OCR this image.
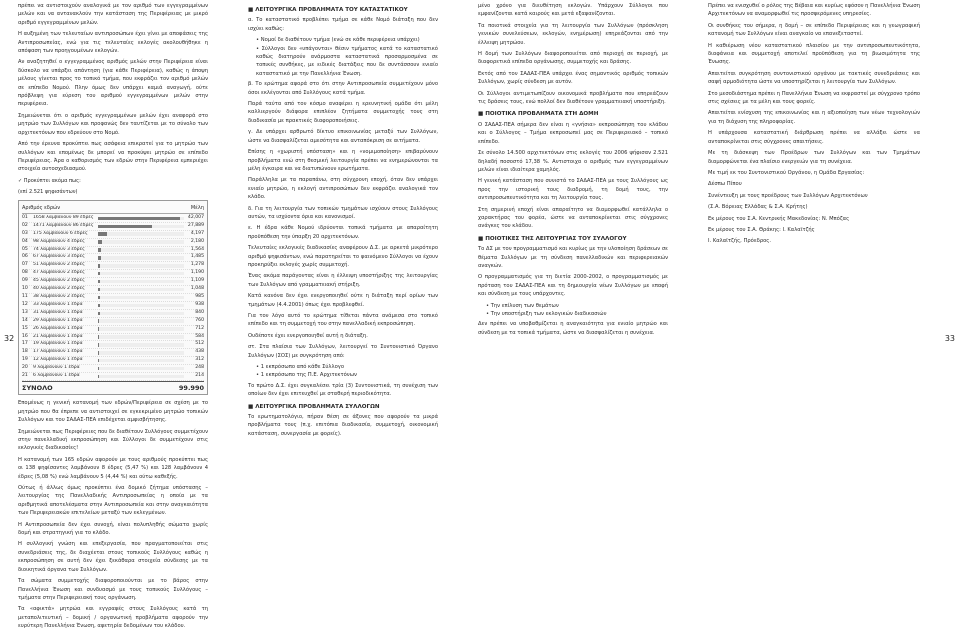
32	33

πρέπει να αντιστοιχούν αναλογικά με τον αριθμό των εγγεγραμμένων μελών και να αντανακλούν την κατάσταση της Περιφέρειας με μικρό αριθμό εγγεγραμμένων μελών.

Η αυξημένη των τελευταίων αντιπροσώπων έχει γίνει με αποφάσεις της Αντιπροσωπείας, ενώ για τις τελευταίες εκλογές ακολουθήθηκε η απόφαση των προηγουμένων εκλογών.

Αν αναζητηθεί ο εγγεγραμμένος αριθμός μελών στην Περιφέρεια είναι δύσκολο να υπάρξει απάντηση (για κάθε Περιφέρεια), καθώς η άποψη μέλους γίνεται προς το τοπικό τμήμα, που εκφράζει τον αριθμό μελών σε επίπεδο Νομού. Πλην όμως δεν υπάρχει καμιά αναγωγή, ούτε πρόβλεψη για εύρεση του αριθμού εγγεγραμμένων μελών στην περιφέρεια.

Σημειώνεται ότι ο αριθμός εγγεγραμμένων μελών έχει αναφορά στο μητρώο των Συλλόγων και προφανώς δεν ταυτίζεται με το σύνολο των αρχιτεκτόνων που εδρεύουν στο Νομό.

Από την έρευνα προκύπτει πως ασάφεια επικρατεί για το μητρώο των συλλόγων και επομένως δε μπορεί να προκύψει μητρώο σε επίπεδο Περιφέρειας. Άρα ο καθορισμός των εδρών στην Περιφέρεια εμπεριέχει στοιχεία αυτοσχεδιασμού.

✓ Προκύπτει ακόμα πως:

(επί 2.521 ψηφισάντων)

Αριθμός εδρών	Μέλη
01	1658 λαμβάνουν 89 έδρες	42,007
02	1471 λαμβάνουν 86 έδρες	27,889
03	175 λαμβάνουν 6 έδρες	4,197
04	98 λαμβάνουν 4 έδρες	2,180
05	74 λαμβάνουν 3 έδρες	1,564
06	67 λαμβάνουν 3 έδρες	1,485
07	51 λαμβάνουν 2 έδρες	1,278
08	47 λαμβάνουν 2 έδρες	1,190
09	45 λαμβάνουν 2 έδρες	1,109
10	40 λαμβάνουν 2 έδρες	1,048
11	38 λαμβάνουν 2 έδρες	985
12	33 λαμβάνουν 1 έδρα	938
13	31 λαμβάνουν 1 έδρα	840
14	29 λαμβάνουν 1 έδρα	760
15	26 λαμβάνουν 1 έδρα	712
16	21 λαμβάνουν 1 έδρα	584
17	19 λαμβάνουν 1 έδρα	512
18	17 λαμβάνουν 1 έδρα	438
19	12 λαμβάνουν 1 έδρα	312
20	9 λαμβάνουν 1 έδρα	248
21	6 λαμβάνουν 1 έδρα	214
ΣΥΝΟΛΟ	99.990

Επομένως η γενική κατανομή των εδρών/Περιφέρεια σε σχέση με το μητρώο που θα έπρεπε να αντιστοιχεί σε εγκεκριμένο μητρώο τοπικών Συλλόγων και του ΣΑΔΑΣ-ΠΕΑ επιδέχεται αμφισβήτησης.

Σημειώνεται πως Περιφέρειες που δε διαθέτουν Συλλόγους συμμετέχουν στην πανελλαδική εκπροσώπηση και Σύλλογοι δε συμμετέχουν στις εκλογικές διαδικασίες!

Η κατανομή των 165 εδρών αφορούν με τους αριθμούς προκύπτει πως οι 138 ψηφίσαντες λαμβάνουν 8 έδρες (5,47 %) και 128 λαμβάνουν 4 έδρες (5,08 %) ενώ λαμβάνουν 5 (4,44 %) και ούτω καθεξής.

Ούτως ή άλλως όμως προκύπτει ένα δομικό ζήτημα υπόστασης – λειτουργίας της Πανελλαδικής Αντιπροσωπείας η οποία με τα αριθμητικά αποτελέσματα στην Αντιπροσωπεία και στην αναγκαιότητα των Περιφερειακών επιτελείων μεταξύ των εκλεγμένων.

Η Αντιπροσωπεία δεν έχει συνοχή, είναι πολυπληθής σώματα χωρίς δομή και στρατηγική για το κλάδο.

Η συλλογική γνώση και επεξεργασία, που πραγματοποιείται στις συνεδριάσεις της, δε διαχέεται στους τοπικούς Συλλόγους καθώς η εκπροσώπηση σε αυτή δεν έχει ξεκάθαρα στοιχεία σύνδεσης με τα διοικητικά όργανα των Συλλόγων.

Τα σώματα συμμετοχής διαφοροποιούνται με το βάρος στην Πανελλήνια Ένωση και συνδυασμό με τους τοπικούς Συλλόγους – τμήματα στην Περιφερειακή τους οργάνωση.

Τα «αφικτά» μητρώα και εγγραφές στους Συλλόγους κατά τη μεταπολιτευτική – δομική / οργανωτική προβλήματα αφορούν την ευρύτερη Πανελλήνια Ένωση, αφετηρία δεδομένων του κλάδου.

■ ΛΕΙΤΟΥΡΓΙΚΑ ΠΡΟΒΛΗΜΑΤΑ ΤΟΥ ΚΑΤΑΣΤΑΤΙΚΟΥ

α. Το καταστατικό προβλέπει τμήμα σε κάθε Νομό διάταξη που δεν ισχύει καθώς:

• Νομοί δε διαθέτουν τμήμα (ενώ σε κάθε περιφέρεια υπάρχει)
• Σύλλογοι δεν «υπάγονται» θέσιν τμήματος κατά το καταστατικό καθώς διατηρούν ανάρμοστα καταστατικά προσαρμοσμένα σε τοπικές συνθήκες, με ειδικές διατάξεις που δε συντάσσουν ενιαίο καταστατικό με την Πανελλήνια Ένωση.

β. Το ερώτημα αφορά στο ότι στην Αντιπροσωπεία συμμετέχουν μόνο όσοι εκλέγονται από Συλλόγους κατά τμήμα.

Παρά ταύτα από τον κόσμο αναφέρει η ερευνητική ομάδα ότι μέλη καλλιεργούν διάφορα επιπλέον ζητήματα συμμετοχής τους στη διαδικασία με πρακτικές διαφοροποιήσεις.

γ. Δε υπάρχει αρθρωτό δίκτυο επικοινωνίας μεταξύ των Συλλόγων, ώστε να διασφαλίζεται αμεσότητα και ανταπόκριση σε αιτήματα.

Επίσης η «χωριστή υπόσταση» και η «νομιμοποίηση» επιβαρύνουν προβλήματα ενώ στη θεσμική λειτουργία πρέπει να ενημερώνονται τα μέλη έγκαιρα και να διατυπώνουν ερωτήματα.

Παράλληλα με τα παραπάνω, στη σύγχρονη εποχή, όταν δεν υπάρχει ενιαίο μητρώο, η εκλογή αντιπροσώπων δεν εκφράζει αναλογικά τον κλάδο.

δ. Για τη λειτουργία των τοπικών τμημάτων ισχύουν στους Συλλόγους αυτών, τα ισχύοντα όρια και κανονισμοί.

ε. Η έδρα κάθε Νομού ιδρύονται τοπικά τμήματα με απαραίτητη προϋπόθεση την ύπαρξη 20 αρχιτεκτόνων.

Τελευταίες εκλογικές διαδικασίες αναφέρουν Δ.Σ. με αρκετά μικρότερο αριθμό ψηφισάντων, ενώ παρατηρείται το φαινόμενο Σύλλογοι να έχουν προκηρύξει εκλογές χωρίς συμμετοχή.

Ένας ακόμα παράγοντας είναι η έλλειψη υποστήριξης της λειτουργίας των Συλλόγων από γραμματειακή στήριξη.

Κατά κανόνα δεν έχει ενεργοποιηθεί ούτε η διάταξη περί ορίων των τμημάτων (4.4.2001) όπως έχει προβλεφθεί.

Για τον λόγο αυτό το ερώτημα τίθεται πάντα ανάμεσα στο τοπικό επίπεδο και τη συμμετοχή του στην πανελλαδική εκπροσώπηση.

Ουδέποτε έχει ενεργοποιηθεί αυτή η διάταξη.

στ. Στα πλαίσια των Συλλόγων, λειτουργεί το Συντονιστικό Όργανο Συλλόγων (ΣΟΣ) με συγκρότηση από:

• 1 εκπρόσωπο από κάθε Σύλλογο
• 1 εκπρόσωπο της Π.Ε. Αρχιτεκτόνων

Το πρώτο Δ.Σ. έχει συγκαλέσει τρία (3) Συντονιστικά, τη συνέχιση των οποίων δεν έχει επιτευχθεί με σταθερή περιοδικότητα.

■ ΛΕΙΤΟΥΡΓΙΚΑ ΠΡΟΒΛΗΜΑΤΑ ΣΥΛΛΟΓΩΝ

Το ερωτηματολόγιο, πήραν θέση σε άξονες που αφορούν τα μικρά προβλήματα τους (π.χ. επιτόπια διαδικασία, συμμετοχή, οικονομική κατάσταση, συνεργασία με φορείς).

μένο χρόνο για διευθέτηση εκλογών. Υπάρχουν Σύλλογοι που εμφανίζονται κατά καιρούς και μετά εξαφανίζονται.

Τα ποιοτικά στοιχεία για τη λειτουργία των Συλλόγων (πρόσκληση γενικών συνελεύσεων, εκλογών, ενημέρωση) επηρεάζονται από την έλλειψη μητρώου.

Η δομή των Συλλόγων διαφοροποιείται από περιοχή σε περιοχή, με διαφορετικά επίπεδα οργάνωσης, συμμετοχής και δράσης.

Εκτός από τον ΣΑΔΑΣ-ΠΕΑ υπάρχει ένας σημαντικός αριθμός τοπικών Συλλόγων, χωρίς σύνδεση με αυτόν.

Οι Σύλλογοι αντιμετωπίζουν οικονομικά προβλήματα που επηρεάζουν τις δράσεις τους, ενώ πολλοί δεν διαθέτουν γραμματειακή υποστήριξη.

■ ΠΟΙΟΤΙΚΑ ΠΡΟΒΛΗΜΑΤΑ ΣΤΗ ΔΟΜΗ

Ο ΣΑΔΑΣ-ΠΕΑ σήμερα δεν είναι η «γνήσια» εκπροσώπηση του κλάδου και ο Σύλλογος – Τμήμα εκπροσωπεί μας σε Περιφερειακό – τοπικό επίπεδο.

Σε σύνολο 14.500 αρχιτεκτόνων στις εκλογές του 2006 ψήφισαν 2.521 δηλαδή ποσοστό 17,38 %. Αντιστοιχα ο αριθμός των εγγεγραμμένων μελών είναι ιδιαίτερα χαμηλός.

Η γενική κατάσταση που συνιστά το ΣΑΔΑΣ-ΠΕΑ με τους Συλλόγους ως προς την ιστορική τους διαδρομή, τη δομή τους, την αντιπροσωπευτικότητα και τη λειτουργία τους.

Στη σημερινή εποχή είναι απαραίτητο να διαμορφωθεί κατάλληλα ο χαρακτήρας του φορέα, ώστε να ανταποκρίνεται στις σύγχρονες ανάγκες του κλάδου.

■ ΠΟΙΟΤΙΚΕΣ ΤΗΣ ΛΕΙΤΟΥΡΓΙΑΣ ΤΟΥ ΣΥΛΛΟΓΟΥ

Το ΔΣ με τον προγραμματισμό και κυρίως με την υλοποίηση δράσεων σε θέματα Συλλόγων με τη σύνδεση πανελλαδικών και περιφερειακών αναγκών.

Ο προγραμματισμός για τη διετία 2000-2002, ο προγραμματισμός με πρόταση του ΣΑΔΑΣ-ΠΕΑ και τη δημιουργία νέων Συλλόγων με επαφή και σύνδεση με τους υπάρχοντες.

• Την επίλυση των θεμάτων
• Την υποστήριξη των εκλογικών διαδικασιών

Δεν πρέπει να υποβαθμίζεται η αναγκαιότητα για ενιαίο μητρώο και σύνδεση με τα τοπικά τμήματα, ώστε να διασφαλίζεται η συνέχεια.

Πρέπει να ενισχυθεί ο ρόλος της Βέβαια και κυρίως εφόσον η Πανελλήνια Ένωση Αρχιτεκτόνων να αναμορφωθεί τις προσφερόμενες υπηρεσίες.

Οι συνθήκες του σήμερα, η δομή – σε επίπεδο Περιφέρειας και η γεωγραφική κατανομή των Συλλόγων είναι αναγκαίο να επανεξεταστεί.

Η καθιέρωση νέου καταστατικού πλαισίου με την αντιπροσωπευτικότητα, διαφάνεια και συμμετοχή αποτελεί προϋπόθεση για τη βιωσιμότητα της Ένωσης.

Απαιτείται συγκρότηση συντονιστικού οργάνου με τακτικές συνεδριάσεις και σαφή αρμοδιότητα ώστε να υποστηρίζεται η λειτουργία των Συλλόγων.

Στο μεσοδιάστημα πρέπει η Πανελλήνια Ένωση να εκφραστεί με σύγχρονο τρόπο στις σχέσεις με τα μέλη και τους φορείς.

Απαιτείται ενίσχυση της επικοινωνίας και η αξιοποίηση των νέων τεχνολογιών για τη διάχυση της πληροφορίας.

Η υπάρχουσα καταστατική διάρθρωση πρέπει να αλλάξει ώστε να ανταποκρίνεται στις σύγχρονες απαιτήσεις.

Με τη διάσκεψη των Προέδρων των Συλλόγων και των Τμημάτων διαμορφώνεται ένα πλαίσιο ενεργειών για τη συνέχεια.

Με τιμή εκ του Συντονιστικού Οργάνου, η Ομάδα Εργασίας:

Δέσπω Πίπου

Συνέντευξη με τους προέδρους των Συλλόγων Αρχιτεκτόνων

(Σ.Α. Βόρειας Ελλάδας & Σ.Α. Κρήτης)

Εκ μέρους του Σ.Α. Κεντρικής Μακεδονίας: Ν. Μπόζας

Εκ μέρους του Σ.Α. Θράκης: Ι. Καλαϊτζής

Ι. Καλαϊτζής, Πρόεδρος.
